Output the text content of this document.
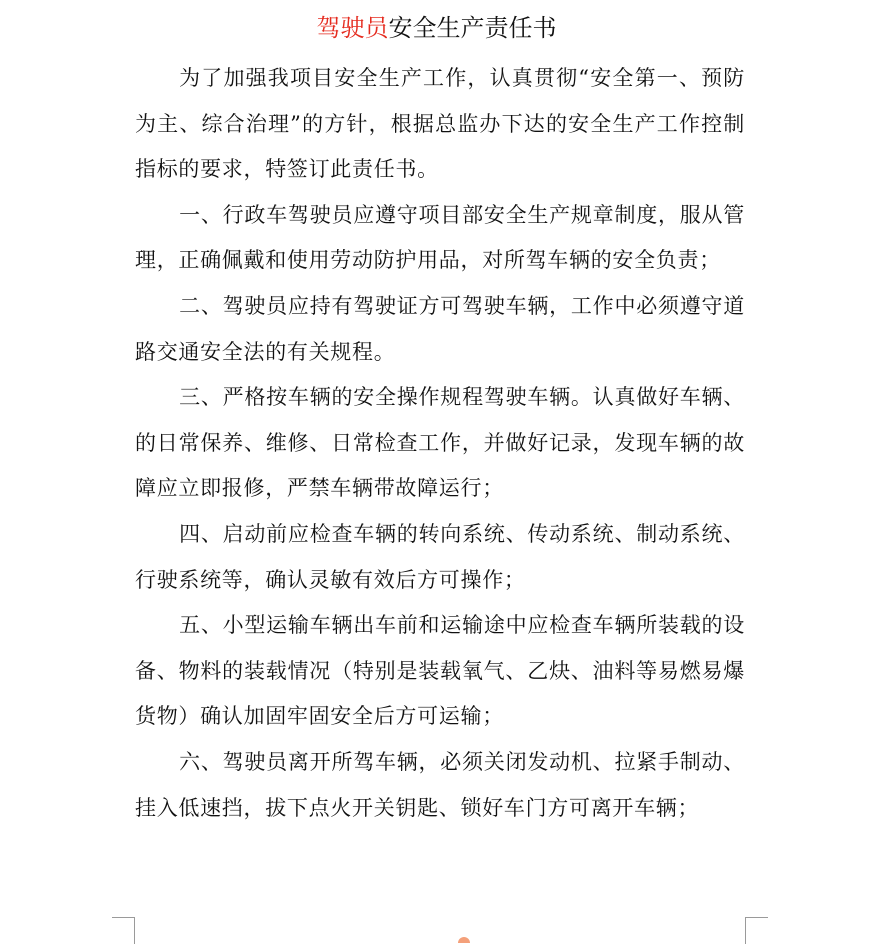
驾驶员安全生产责任书

为了加强我项目安全生产工作，认真贯彻“安全第一、预防为主、综合治理”的方针，根据总监办下达的安全生产工作控制指标的要求，特签订此责任书。

一、行政车驾驶员应遵守项目部安全生产规章制度，服从管理，正确佩戴和使用劳动防护用品，对所驾车辆的安全负责；

二、驾驶员应持有驾驶证方可驾驶车辆，工作中必须遵守道路交通安全法的有关规程。

三、严格按车辆的安全操作规程驾驶车辆。认真做好车辆、的日常保养、维修、日常检查工作，并做好记录，发现车辆的故障应立即报修，严禁车辆带故障运行；

四、启动前应检查车辆的转向系统、传动系统、制动系统、行驶系统等，确认灵敏有效后方可操作；

五、小型运输车辆出车前和运输途中应检查车辆所装载的设备、物料的装载情况（特别是装载氧气、乙炔、油料等易燃易爆货物）确认加固牢固安全后方可运输；

六、驾驶员离开所驾车辆，必须关闭发动机、拉紧手制动、挂入低速挡，拔下点火开关钥匙、锁好车门方可离开车辆；
